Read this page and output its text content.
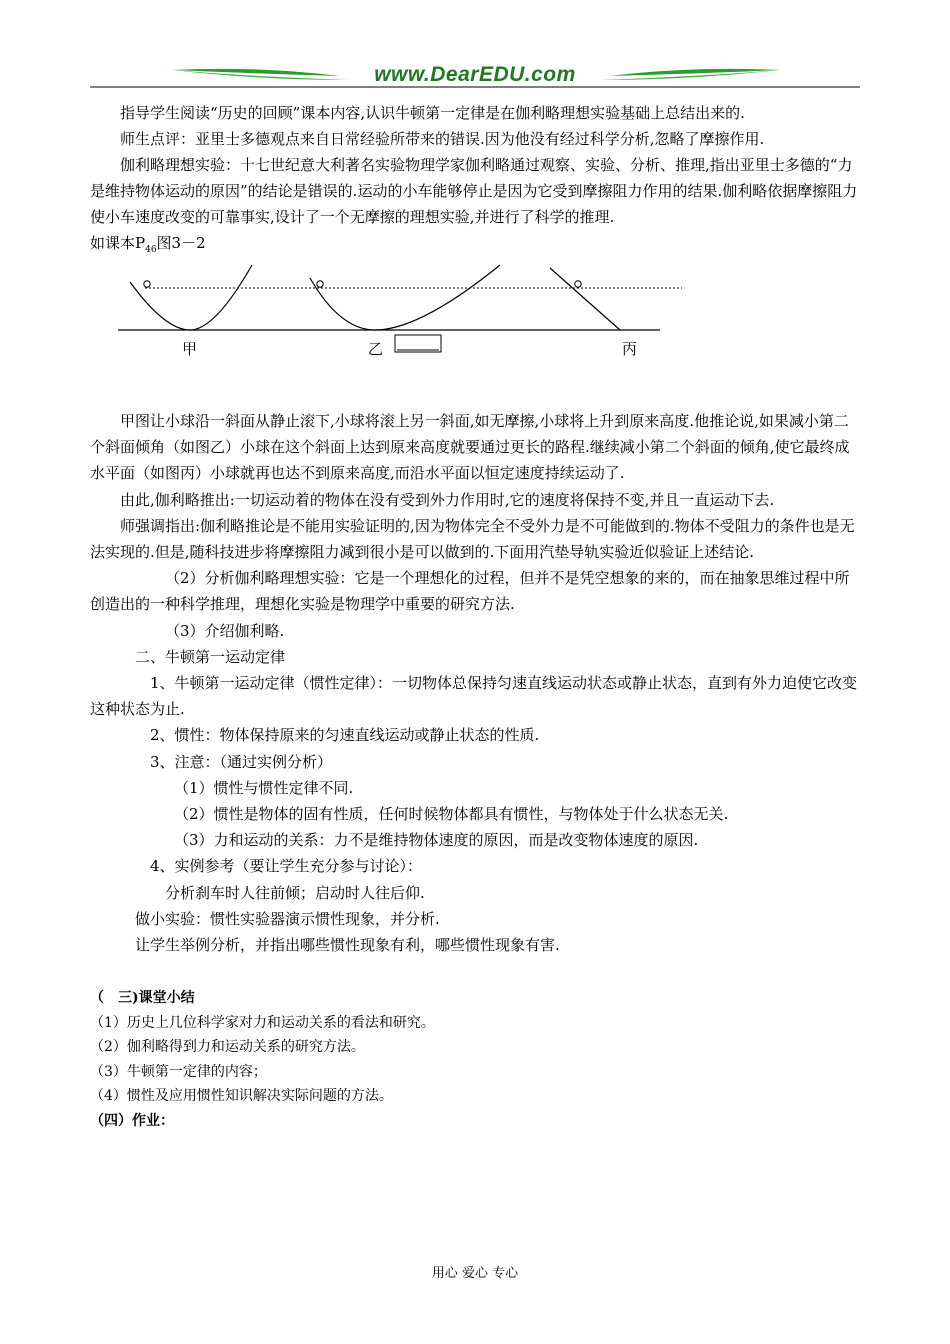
www.DearEDU.com

指导学生阅读“历史的回顾”课本内容,认识牛顿第一定律是在伽利略理想实验基础上总结出来的.

师生点评：亚里士多德观点来自日常经验所带来的错误.因为他没有经过科学分析,忽略了摩擦作用.

伽利略理想实验：十七世纪意大利著名实验物理学家伽利略通过观察、实验、分析、推理,指出亚里士多德的“力是维持物体运动的原因”的结论是错误的.运动的小车能够停止是因为它受到摩擦阻力作用的结果.伽利略依据摩擦阻力使小车速度改变的可靠事实,设计了一个无摩擦的理想实验,并进行了科学的推理.

如课本$P_{46}$图3－2

甲	乙	丙

甲图让小球沿一斜面从静止滚下,小球将滚上另一斜面,如无摩擦,小球将上升到原来高度.他推论说,如果减小第二个斜面倾角（如图乙）小球在这个斜面上达到原来高度就要通过更长的路程.继续减小第二个斜面的倾角,使它最终成水平面（如图丙）小球就再也达不到原来高度,而沿水平面以恒定速度持续运动了.

由此,伽利略推出:一切运动着的物体在没有受到外力作用时,它的速度将保持不变,并且一直运动下去.

师强调指出:伽利略推论是不能用实验证明的,因为物体完全不受外力是不可能做到的.物体不受阻力的条件也是无法实现的.但是,随科技进步将摩擦阻力减到很小是可以做到的.下面用汽垫导轨实验近似验证上述结论.

（2）分析伽利略理想实验：它是一个理想化的过程，但并不是凭空想象的来的，而在抽象思维过程中所创造出的一种科学推理，理想化实验是物理学中重要的研究方法.

（3）介绍伽利略.

二、牛顿第一运动定律

1、牛顿第一运动定律（惯性定律）：一切物体总保持匀速直线运动状态或静止状态，直到有外力迫使它改变这种状态为止.

2、惯性：物体保持原来的匀速直线运动或静止状态的性质.

3、注意：（通过实例分析）

（1）惯性与惯性定律不同.

（2）惯性是物体的固有性质，任何时候物体都具有惯性，与物体处于什么状态无关.

（3）力和运动的关系：力不是维持物体速度的原因，而是改变物体速度的原因.

4、实例参考（要让学生充分参与讨论）：

分析刹车时人往前倾；启动时人往后仰.

做小实验：惯性实验器演示惯性现象，并分析.

让学生举例分析，并指出哪些惯性现象有利，哪些惯性现象有害.

（　三)课堂小结

（1）历史上几位科学家对力和运动关系的看法和研究。

（2）伽利略得到力和运动关系的研究方法。

（3）牛顿第一定律的内容；

（4）惯性及应用惯性知识解决实际问题的方法。

（四）作业：

用心 爱心 专心
